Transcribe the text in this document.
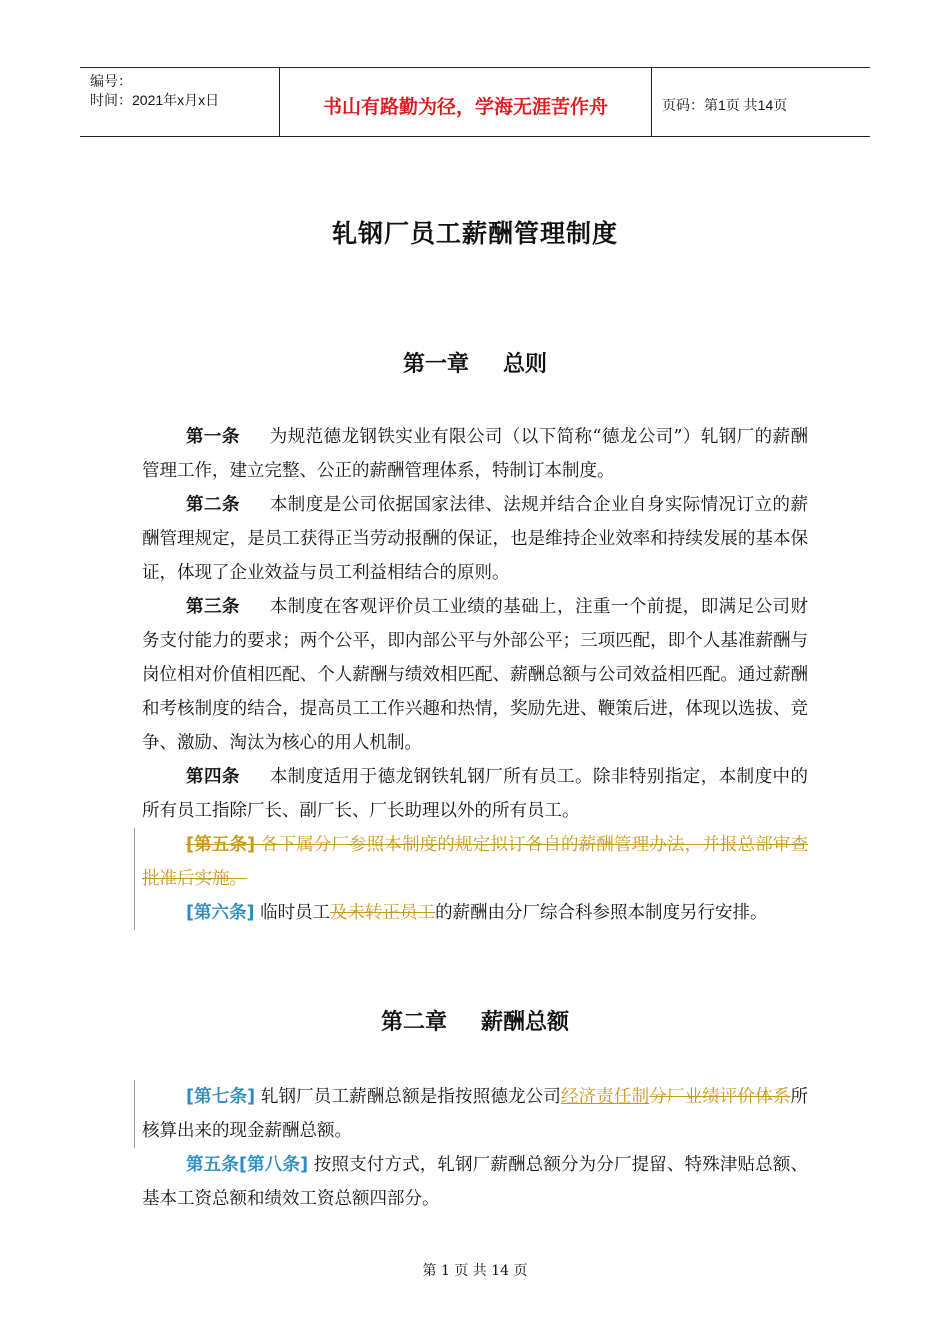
编号：
时间：2021年x月x日	书山有路勤为径，学海无涯苦作舟	页码：第1页 共14页
轧钢厂员工薪酬管理制度
第一章 总则

第一条 为规范德龙钢铁实业有限公司（以下简称“德龙公司”）轧钢厂的薪酬管理工作，建立完整、公正的薪酬管理体系，特制订本制度。

第二条 本制度是公司依据国家法律、法规并结合企业自身实际情况订立的薪酬管理规定，是员工获得正当劳动报酬的保证，也是维持企业效率和持续发展的基本保证，体现了企业效益与员工利益相结合的原则。

第三条 本制度在客观评价员工业绩的基础上，注重一个前提，即满足公司财务支付能力的要求；两个公平，即内部公平与外部公平；三项匹配，即个人基准薪酬与岗位相对价值相匹配、个人薪酬与绩效相匹配、薪酬总额与公司效益相匹配。通过薪酬和考核制度的结合，提高员工工作兴趣和热情，奖励先进、鞭策后进，体现以选拔、竞争、激励、淘汰为核心的用人机制。

第四条 本制度适用于德龙钢铁轧钢厂所有员工。除非特别指定，本制度中的所有员工指除厂长、副厂长、厂长助理以外的所有员工。

[第五条] 各下属分厂参照本制度的规定拟订各自的薪酬管理办法，并报总部审查批准后实施。

[第六条] 临时员工及未转正员工的薪酬由分厂综合科参照本制度另行安排。

第二章 薪酬总额

[第七条] 轧钢厂员工薪酬总额是指按照德龙公司经济责任制分厂业绩评价体系所核算出来的现金薪酬总额。

第五条[第八条] 按照支付方式，轧钢厂薪酬总额分为分厂提留、特殊津贴总额、基本工资总额和绩效工资总额四部分。

第 1 页 共 14 页
